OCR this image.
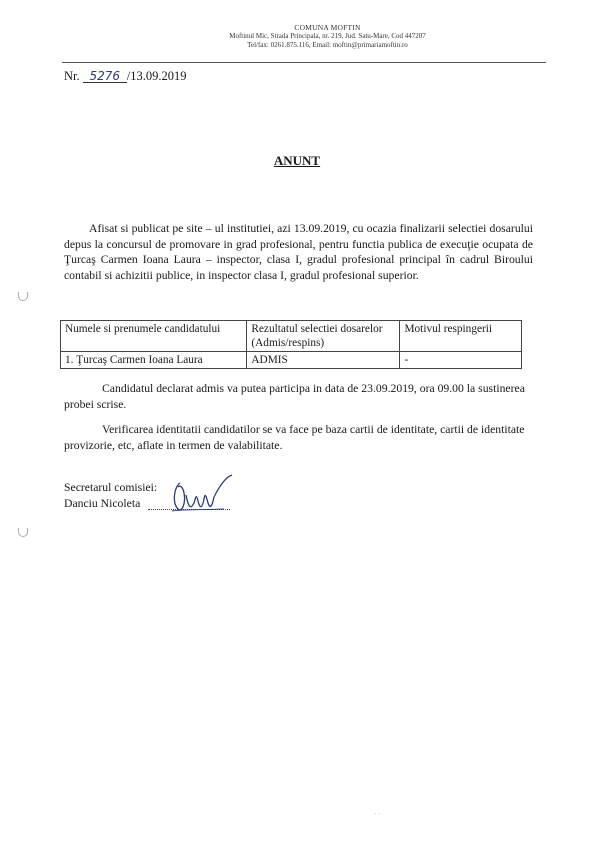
COMUNA MOFTIN
Moftinul Mic, Strada Principala, nr. 219, Jud. Satu-Mare, Cod 447207
Tel/fax: 0261.875.116, Email: moftin@primariamoftin.ro
Nr. 5276 /13.09.2019
ANUNT
Afisat si publicat pe site – ul institutiei, azi 13.09.2019, cu ocazia finalizarii selectiei dosarului depus la concursul de promovare in grad profesional, pentru functia publica de execuţie ocupata de Ţurcaş Carmen Ioana Laura – inspector, clasa I, gradul profesional principal în cadrul Biroului contabil si achizitii publice, in inspector clasa I, gradul profesional superior.
Numele si prenumele candidatului	Rezultatul selectiei dosarelor (Admis/respins)	Motivul respingerii
1. Ţurcaş Carmen Ioana Laura	ADMIS	-
Candidatul declarat admis va putea participa in data de 23.09.2019, ora 09.00 la sustinerea probei scrise.
Verificarea identitatii candidatilor se va face pe baza cartii de identitate, cartii de identitate provizorie, etc, aflate in termen de valabilitate.
Secretarul comisiei:
Danciu Nicoleta
· ·
